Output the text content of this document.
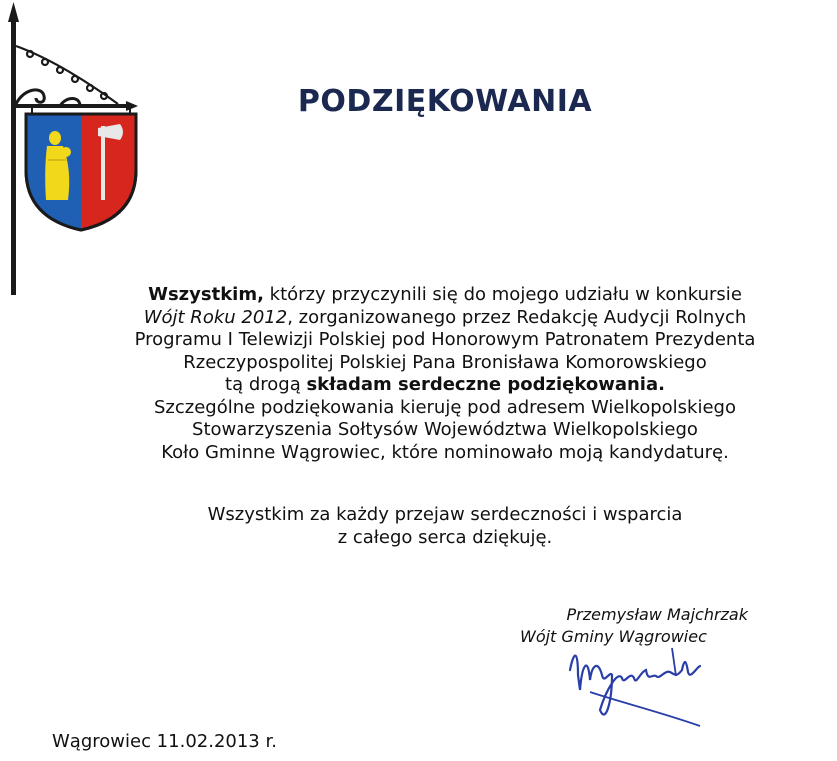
PODZIĘKOWANIA

Wszystkim, którzy przyczynili się do mojego udziału w konkursie

Wójt Roku 2012, zorganizowanego przez Redakcję Audycji Rolnych

Programu I Telewizji Polskiej pod Honorowym Patronatem Prezydenta

Rzeczypospolitej Polskiej Pana Bronisława Komorowskiego

tą drogą składam serdeczne podziękowania.

Szczególne podziękowania kieruję pod adresem Wielkopolskiego

Stowarzyszenia Sołtysów Województwa Wielkopolskiego

Koło Gminne Wągrowiec, które nominowało moją kandydaturę.

Wszystkim za każdy przejaw serdeczności i wsparcia

z całego serca dziękuję.

Przemysław Majchrzak
Wójt Gminy Wągrowiec
Wągrowiec 11.02.2013 r.
